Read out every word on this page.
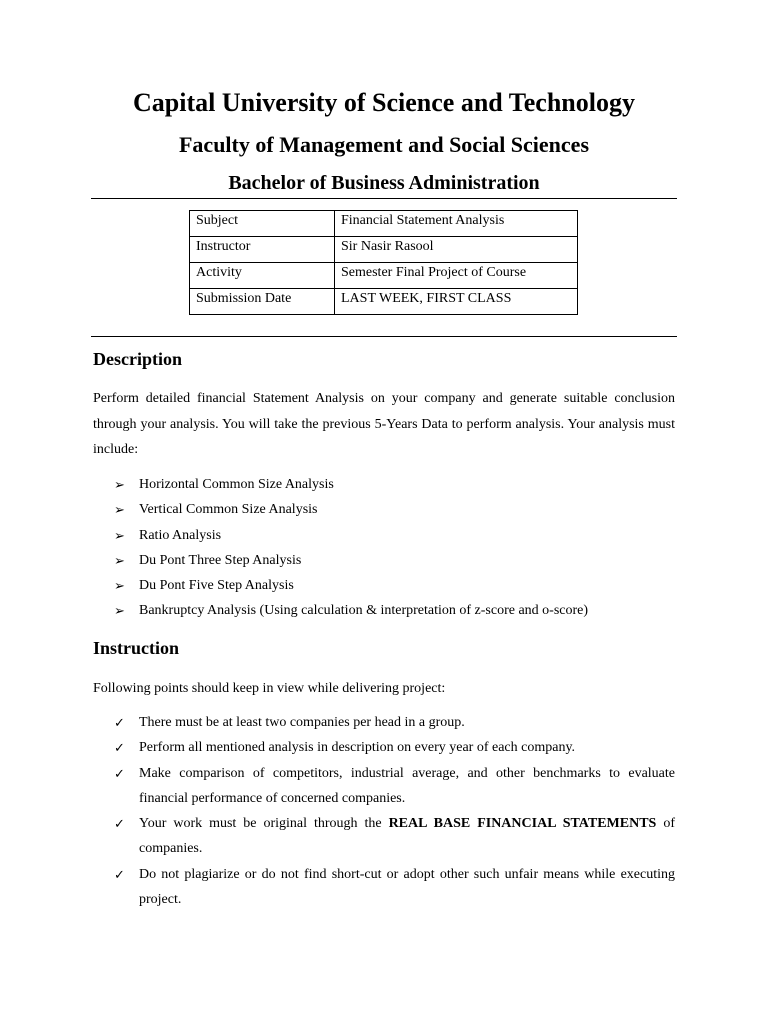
Capital University of Science and Technology
Faculty of Management and Social Sciences
Bachelor of Business Administration
Subject	Financial Statement Analysis
Instructor	Sir Nasir Rasool
Activity	Semester Final Project of Course
Submission Date	LAST WEEK, FIRST CLASS
Description
Perform detailed financial Statement Analysis on your company and generate suitable conclusion through your analysis. You will take the previous 5-Years Data to perform analysis. Your analysis must include:
➢ Horizontal Common Size Analysis
➢ Vertical Common Size Analysis
➢ Ratio Analysis
➢ Du Pont Three Step Analysis
➢ Du Pont Five Step Analysis
➢ Bankruptcy Analysis (Using calculation & interpretation of z-score and o-score)
Instruction
Following points should keep in view while delivering project:
✓ There must be at least two companies per head in a group.
✓ Perform all mentioned analysis in description on every year of each company.
✓ Make comparison of competitors, industrial average, and other benchmarks to evaluate financial performance of concerned companies.
✓ Your work must be original through the REAL BASE FINANCIAL STATEMENTS of companies.
✓ Do not plagiarize or do not find short-cut or adopt other such unfair means while executing project.
